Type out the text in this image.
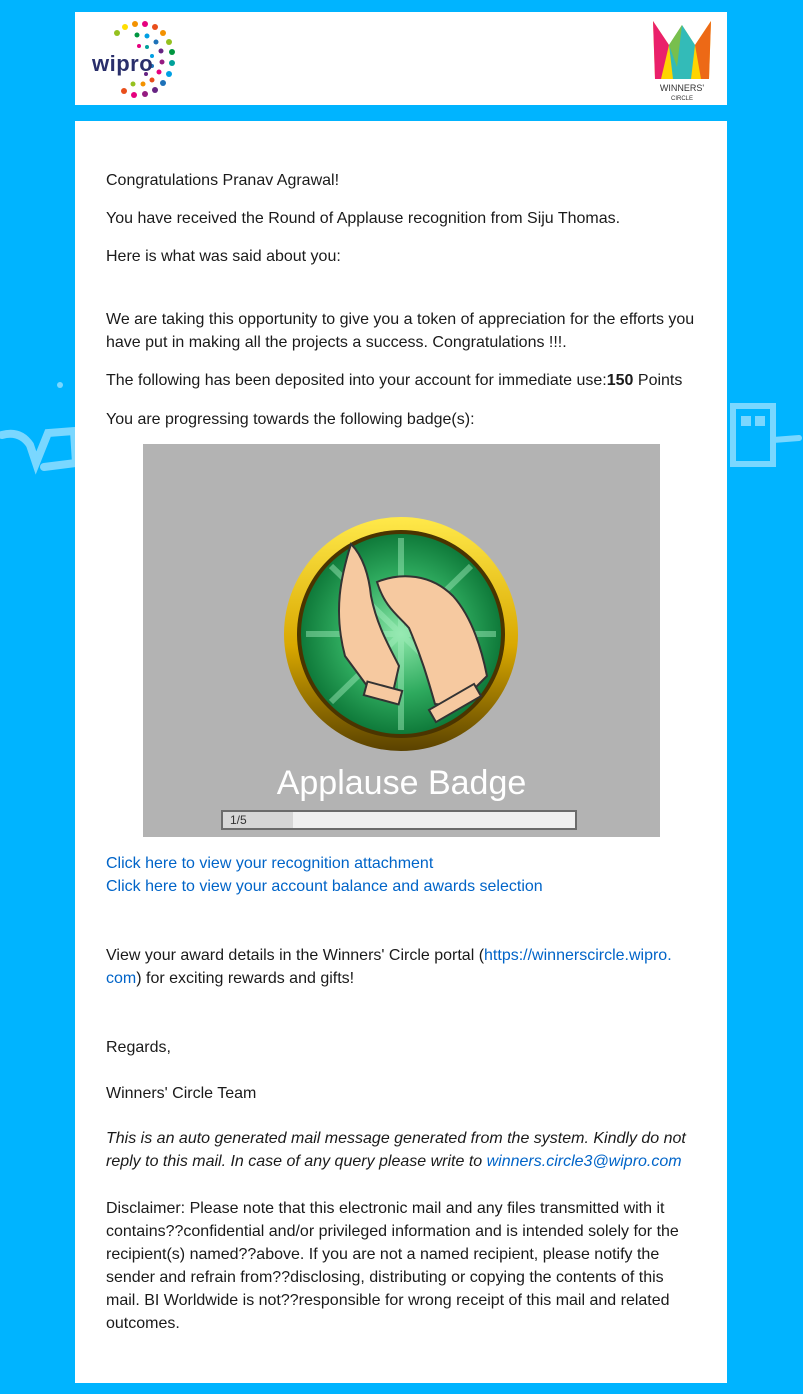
wipro
WINNERS'
CIRCLE

Congratulations Pranav Agrawal!

You have received the Round of Applause recognition from Siju Thomas.

Here is what was said about you:

We are taking this opportunity to give you a token of appreciation for the efforts you have put in making all the projects a success. Congratulations !!!.

The following has been deposited into your account for immediate use:150 Points

You are progressing towards the following badge(s):

Applause Badge
1/5

Click here to view your recognition attachment
Click here to view your account balance and awards selection

View your award details in the Winners' Circle portal (https://winnerscircle.wipro.
com) for exciting rewards and gifts!

Regards,

Winners' Circle Team

This is an auto generated mail message generated from the system. Kindly do not reply to this mail. In case of any query please write to winners.circle3@wipro.com

Disclaimer: Please note that this electronic mail and any files transmitted with it contains??confidential and/or privileged information and is intended solely for the recipient(s) named??above. If you are not a named recipient, please notify the sender and refrain from??disclosing, distributing or copying the contents of this mail. BI Worldwide is not??responsible for wrong receipt of this mail and related outcomes.
